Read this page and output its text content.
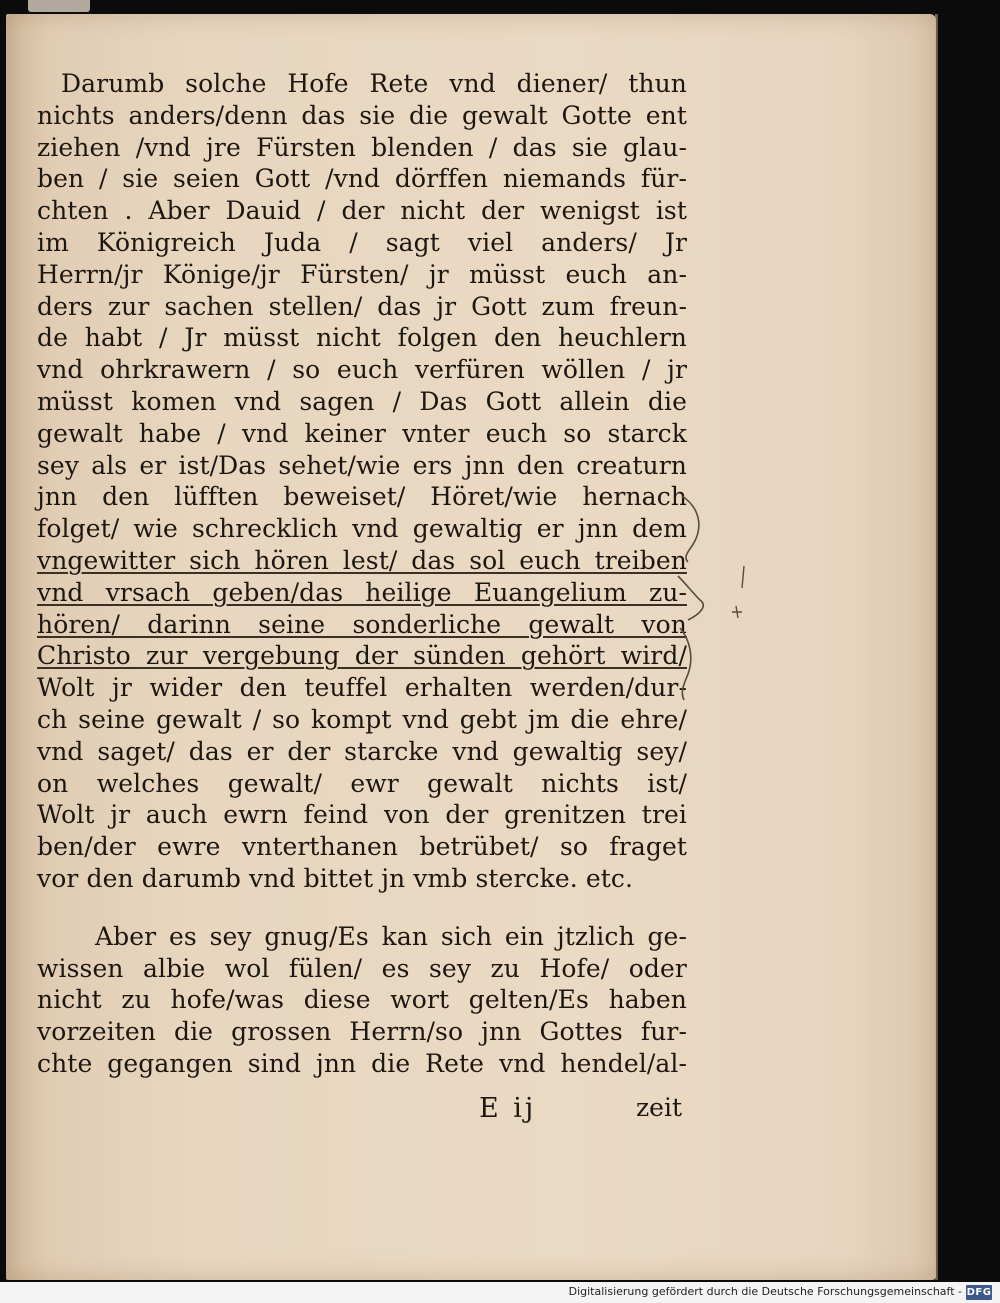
Darumb solche Hofe Rete vnd diener/ thun
nichts anders/denn das sie die gewalt Gotte ent
ziehen /vnd jre Fürsten blenden / das sie glau-
ben / sie seien Gott /vnd dörffen niemands für-
chten . Aber Dauid / der nicht der wenigst ist
im Königreich Juda / sagt viel anders/ Jr
Herrn/jr Könige/jr Fürsten/ jr müsst euch an-
ders zur sachen stellen/ das jr Gott zum freun-
de habt / Jr müsst nicht folgen den heuchlern
vnd ohrkrawern / so euch verfüren wöllen / jr
müsst komen vnd sagen / Das Gott allein die
gewalt habe / vnd keiner vnter euch so starck
sey als er ist/Das sehet/wie ers jnn den creaturn
jnn den lüfften beweiset/ Höret/wie hernach
folget/ wie schrecklich vnd gewaltig er jnn dem
vngewitter sich hören lest/ das sol euch treiben
vnd vrsach geben/das heilige Euangelium zu-
hören/ darinn seine sonderliche gewalt von
Christo zur vergebung der sünden gehört wird/
Wolt jr wider den teuffel erhalten werden/dur-
ch seine gewalt / so kompt vnd gebt jm die ehre/
vnd saget/ das er der starcke vnd gewaltig sey/
on welches gewalt/ ewr gewalt nichts ist/
Wolt jr auch ewrn feind von der grenitzen trei
ben/der ewre vnterthanen betrübet/ so fraget
vor den darumb vnd bittet jn vmb stercke. etc.
Aber es sey gnug/Es kan sich ein jtzlich ge-
wissen albie wol fülen/ es sey zu Hofe/ oder
nicht zu hofe/was diese wort gelten/Es haben
vorzeiten die grossen Herrn/so jnn Gottes fur-
chte gegangen sind jnn die Rete vnd hendel/al-
E ij	zeit
Digitalisierung gefördert durch die Deutsche Forschungsgemeinschaft - DFG
